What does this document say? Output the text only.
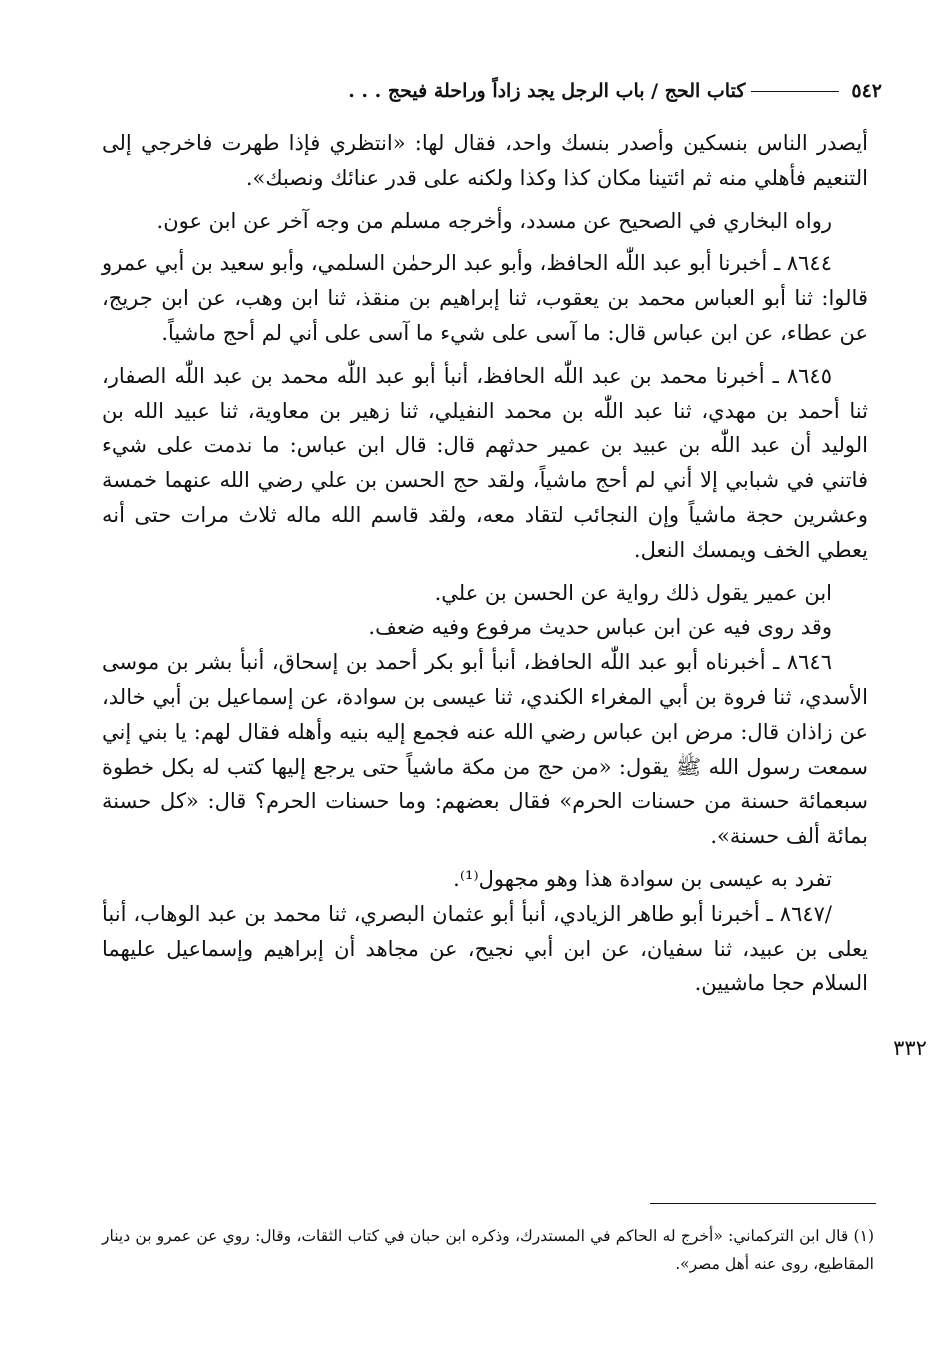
٥٤٢
كتاب الحج / باب الرجل يجد زاداً وراحلة فيحج . . .

أيصدر الناس بنسكين وأصدر بنسك واحد، فقال لها: «انتظري فإذا طهرت فاخرجي إلى التنعيم فأهلي منه ثم ائتينا مكان كذا وكذا ولكنه على قدر عنائك ونصبك».

رواه البخاري في الصحيح عن مسدد، وأخرجه مسلم من وجه آخر عن ابن عون.

٨٦٤٤ ـ أخبرنا أبو عبد اللّٰه الحافظ، وأبو عبد الرحمٰن السلمي، وأبو سعيد بن أبي عمرو قالوا: ثنا أبو العباس محمد بن يعقوب، ثنا إبراهيم بن منقذ، ثنا ابن وهب، عن ابن جريج، عن عطاء، عن ابن عباس قال: ما آسى على شيء ما آسى على أني لم أحج ماشياً.

٨٦٤٥ ـ أخبرنا محمد بن عبد اللّٰه الحافظ، أنبأ أبو عبد اللّٰه محمد بن عبد اللّٰه الصفار، ثنا أحمد بن مهدي، ثنا عبد اللّٰه بن محمد النفيلي، ثنا زهير بن معاوية، ثنا عبيد الله بن الوليد أن عبد اللّٰه بن عبيد بن عمير حدثهم قال: قال ابن عباس: ما ندمت على شيء فاتني في شبابي إلا أني لم أحج ماشياً، ولقد حج الحسن بن علي رضي الله عنهما خمسة وعشرين حجة ماشياً وإن النجائب لتقاد معه، ولقد قاسم الله ماله ثلاث مرات حتى أنه يعطي الخف ويمسك النعل.

ابن عمير يقول ذلك رواية عن الحسن بن علي.

وقد روى فيه عن ابن عباس حديث مرفوع وفيه ضعف.

٨٦٤٦ ـ أخبرناه أبو عبد اللّٰه الحافظ، أنبأ أبو بكر أحمد بن إسحاق، أنبأ بشر بن موسى الأسدي، ثنا فروة بن أبي المغراء الكندي، ثنا عيسى بن سوادة، عن إسماعيل بن أبي خالد، عن زاذان قال: مرض ابن عباس رضي الله عنه فجمع إليه بنيه وأهله فقال لهم: يا بني إني سمعت رسول الله ﷺ يقول: «من حج من مكة ماشياً حتى يرجع إليها كتب له بكل خطوة سبعمائة حسنة من حسنات الحرم» فقال بعضهم: وما حسنات الحرم؟ قال: «كل حسنة بمائة ألف حسنة».

تفرد به عيسى بن سوادة هذا وهو مجهول⁽¹⁾.

/٨٦٤٧ ـ أخبرنا أبو طاهر الزيادي، أنبأ أبو عثمان البصري، ثنا محمد بن عبد الوهاب، أنبأ يعلى بن عبيد، ثنا سفيان، عن ابن أبي نجيح، عن مجاهد أن إبراهيم وإسماعيل عليهما السلام حجا ماشيين.

٣٣٢
(١) قال ابن التركماني: «أخرج له الحاكم في المستدرك، وذكره ابن حبان في كتاب الثقات، وقال: روي عن عمرو بن دينار المقاطيع، روى عنه أهل مصر».
